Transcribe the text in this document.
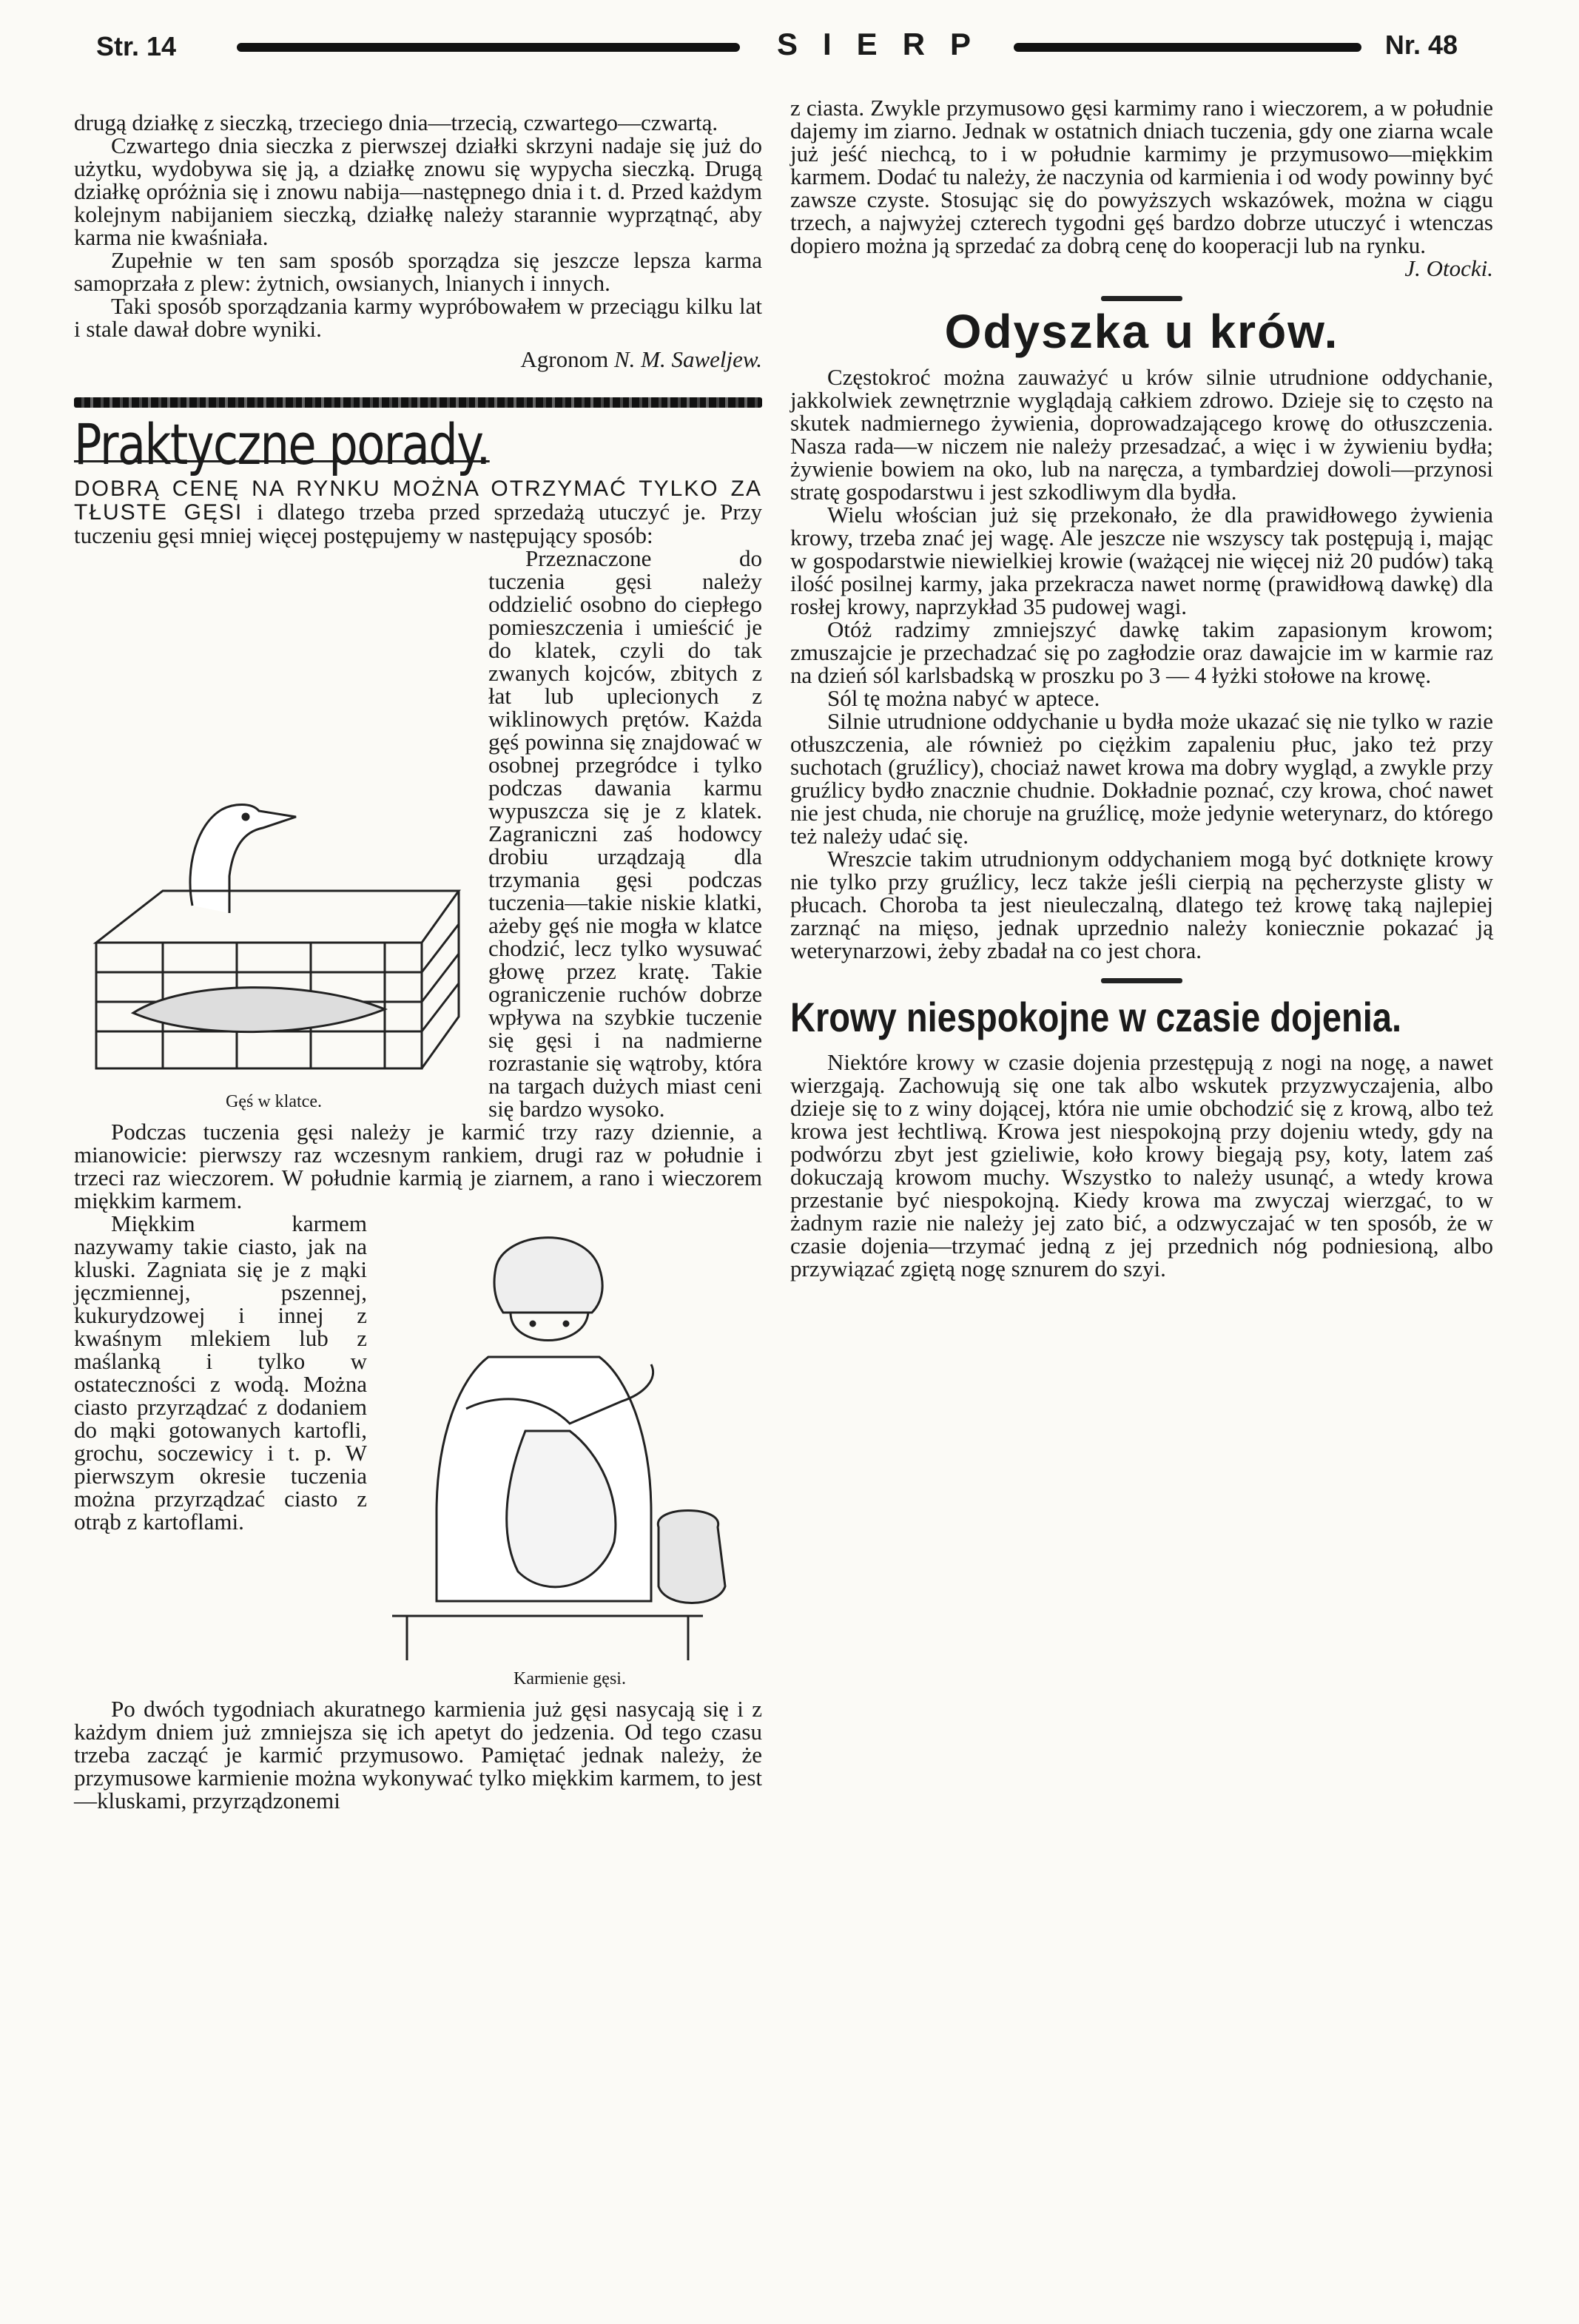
Str. 14	SIERP	Nr. 48

drugą działkę z sieczką, trzeciego dnia—trzecią, czwartego—czwartą.

Czwartego dnia sieczka z pierwszej działki skrzyni nadaje się już do użytku, wydobywa się ją, a działkę znowu się wypycha sieczką. Drugą działkę opróżnia się i znowu nabija—następnego dnia i t. d. Przed każdym kolejnym nabijaniem sieczką, działkę należy starannie wyprzątnąć, aby karma nie kwaśniała.

Zupełnie w ten sam sposób sporządza się jeszcze lepsza karma samoprzała z plew: żytnich, owsianych, lnianych i innych.

Taki sposób sporządzania karmy wypróbowałem w przeciągu kilku lat i stale dawał dobre wyniki.

Agronom N. M. Saweljew.
Praktyczne porady.

DOBRĄ CENĘ NA RYNKU MOŻNA OTRZYMAĆ TYLKO ZA TŁUSTE GĘSI i dlatego trzeba przed sprzedażą utuczyć je. Przy tuczeniu gęsi mniej więcej postępujemy w następujący sposób:

Gęś w klatce.

Przeznaczone do tuczenia gęsi należy oddzielić osobno do ciepłego pomieszczenia i umieścić je do klatek, czyli do tak zwanych kojców, zbitych z łat lub uplecionych z wiklinowych prętów. Każda gęś powinna się znajdować w osobnej przegródce i tylko podczas dawania karmu wypuszcza się je z klatek. Zagraniczni zaś hodowcy drobiu urządzają dla trzymania gęsi podczas tuczenia—takie niskie klatki, ażeby gęś nie mogła w klatce chodzić, lecz tylko wysuwać głowę przez kratę. Takie ograniczenie ruchów dobrze wpływa na szybkie tuczenie się gęsi i na nadmierne rozrastanie się wątroby, która na targach dużych miast ceni się bardzo wysoko.

Podczas tuczenia gęsi należy je karmić trzy razy dziennie, a mianowicie: pierwszy raz wczesnym rankiem, drugi raz w południe i trzeci raz wieczorem. W południe karmią je ziarnem, a rano i wieczorem miękkim karmem.

Karmienie gęsi.

Miękkim karmem nazywamy takie ciasto, jak na kluski. Zagniata się je z mąki jęczmiennej, pszennej, kukurydzowej i innej z kwaśnym mlekiem lub z maślanką i tylko w ostateczności z wodą. Można ciasto przyrządzać z dodaniem do mąki gotowanych kartofli, grochu, soczewicy i t. p. W pierwszym okresie tuczenia można przyrządzać ciasto z otrąb z kartoflami.

Po dwóch tygodniach akuratnego karmienia już gęsi nasycają się i z każdym dniem już zmniejsza się ich apetyt do jedzenia. Od tego czasu trzeba zacząć je karmić przymusowo. Pamiętać jednak należy, że przymusowe karmienie można wykonywać tylko miękkim karmem, to jest—kluskami, przyrządzonemi

z ciasta. Zwykle przymusowo gęsi karmimy rano i wieczorem, a w południe dajemy im ziarno. Jednak w ostatnich dniach tuczenia, gdy one ziarna wcale już jeść niechcą, to i w południe karmimy je przymusowo—miękkim karmem. Dodać tu należy, że naczynia od karmienia i od wody powinny być zawsze czyste. Stosując się do powyższych wskazówek, można w ciągu trzech, a najwyżej czterech tygodni gęś bardzo dobrze utuczyć i wtenczas dopiero można ją sprzedać za dobrą cenę do kooperacji lub na rynku.

J. Otocki.

Odyszka u krów.

Częstokroć można zauważyć u krów silnie utrudnione oddychanie, jakkolwiek zewnętrznie wyglądają całkiem zdrowo. Dzieje się to często na skutek nadmiernego żywienia, doprowadzającego krowę do otłuszczenia. Nasza rada—w niczem nie należy przesadzać, a więc i w żywieniu bydła; żywienie bowiem na oko, lub na naręcza, a tymbardziej dowoli—przynosi stratę gospodarstwu i jest szkodliwym dla bydła.

Wielu włościan już się przekonało, że dla prawidłowego żywienia krowy, trzeba znać jej wagę. Ale jeszcze nie wszyscy tak postępują i, mając w gospodarstwie niewielkiej krowie (ważącej nie więcej niż 20 pudów) taką ilość posilnej karmy, jaka przekracza nawet normę (prawidłową dawkę) dla rosłej krowy, naprzykład 35 pudowej wagi.

Otóż radzimy zmniejszyć dawkę takim zapasionym krowom; zmuszajcie je przechadzać się po zagłodzie oraz dawajcie im w karmie raz na dzień sól karlsbadską w proszku po 3 — 4 łyżki stołowe na krowę.

Sól tę można nabyć w aptece.

Silnie utrudnione oddychanie u bydła może ukazać się nie tylko w razie otłuszczenia, ale również po ciężkim zapaleniu płuc, jako też przy suchotach (gruźlicy), chociaż nawet krowa ma dobry wygląd, a zwykle przy gruźlicy bydło znacznie chudnie. Dokładnie poznać, czy krowa, choć nawet nie jest chuda, nie choruje na gruźlicę, może jedynie weterynarz, do którego też należy udać się.

Wreszcie takim utrudnionym oddychaniem mogą być dotknięte krowy nie tylko przy gruźlicy, lecz także jeśli cierpią na pęcherzyste glisty w płucach. Choroba ta jest nieuleczalną, dlatego też krowę taką najlepiej zarznąć na mięso, jednak uprzednio należy koniecznie pokazać ją weterynarzowi, żeby zbadał na co jest chora.

Krowy niespokojne w czasie dojenia.

Niektóre krowy w czasie dojenia przestępują z nogi na nogę, a nawet wierzgają. Zachowują się one tak albo wskutek przyzwyczajenia, albo dzieje się to z winy dojącej, która nie umie obchodzić się z krową, albo też krowa jest łechtliwą. Krowa jest niespokojną przy dojeniu wtedy, gdy na podwórzu zbyt jest gzieliwie, koło krowy biegają psy, koty, latem zaś dokuczają krowom muchy. Wszystko to należy usunąć, a wtedy krowa przestanie być niespokojną. Kiedy krowa ma zwyczaj wierzgać, to w żadnym razie nie należy jej zato bić, a odzwyczajać w ten sposób, że w czasie dojenia—trzymać jedną z jej przednich nóg podniesioną, albo przywiązać zgiętą nogę sznurem do szyi.
